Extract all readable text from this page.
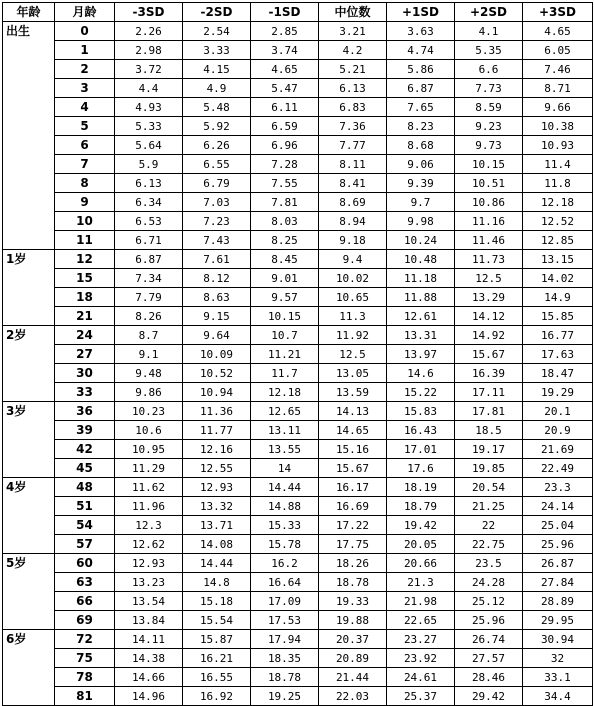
年龄	月龄	-3SD	-2SD	-1SD	中位数	+1SD	+2SD	+3SD
出生	0	2.26	2.54	2.85	3.21	3.63	4.1	4.65
	1	2.98	3.33	3.74	4.2	4.74	5.35	6.05
	2	3.72	4.15	4.65	5.21	5.86	6.6	7.46
	3	4.4	4.9	5.47	6.13	6.87	7.73	8.71
	4	4.93	5.48	6.11	6.83	7.65	8.59	9.66
	5	5.33	5.92	6.59	7.36	8.23	9.23	10.38
	6	5.64	6.26	6.96	7.77	8.68	9.73	10.93
	7	5.9	6.55	7.28	8.11	9.06	10.15	11.4
	8	6.13	6.79	7.55	8.41	9.39	10.51	11.8
	9	6.34	7.03	7.81	8.69	9.7	10.86	12.18
	10	6.53	7.23	8.03	8.94	9.98	11.16	12.52
	11	6.71	7.43	8.25	9.18	10.24	11.46	12.85
1岁	12	6.87	7.61	8.45	9.4	10.48	11.73	13.15
	15	7.34	8.12	9.01	10.02	11.18	12.5	14.02
	18	7.79	8.63	9.57	10.65	11.88	13.29	14.9
	21	8.26	9.15	10.15	11.3	12.61	14.12	15.85
2岁	24	8.7	9.64	10.7	11.92	13.31	14.92	16.77
	27	9.1	10.09	11.21	12.5	13.97	15.67	17.63
	30	9.48	10.52	11.7	13.05	14.6	16.39	18.47
	33	9.86	10.94	12.18	13.59	15.22	17.11	19.29
3岁	36	10.23	11.36	12.65	14.13	15.83	17.81	20.1
	39	10.6	11.77	13.11	14.65	16.43	18.5	20.9
	42	10.95	12.16	13.55	15.16	17.01	19.17	21.69
	45	11.29	12.55	14	15.67	17.6	19.85	22.49
4岁	48	11.62	12.93	14.44	16.17	18.19	20.54	23.3
	51	11.96	13.32	14.88	16.69	18.79	21.25	24.14
	54	12.3	13.71	15.33	17.22	19.42	22	25.04
	57	12.62	14.08	15.78	17.75	20.05	22.75	25.96
5岁	60	12.93	14.44	16.2	18.26	20.66	23.5	26.87
	63	13.23	14.8	16.64	18.78	21.3	24.28	27.84
	66	13.54	15.18	17.09	19.33	21.98	25.12	28.89
	69	13.84	15.54	17.53	19.88	22.65	25.96	29.95
6岁	72	14.11	15.87	17.94	20.37	23.27	26.74	30.94
	75	14.38	16.21	18.35	20.89	23.92	27.57	32
	78	14.66	16.55	18.78	21.44	24.61	28.46	33.1
	81	14.96	16.92	19.25	22.03	25.37	29.42	34.4
